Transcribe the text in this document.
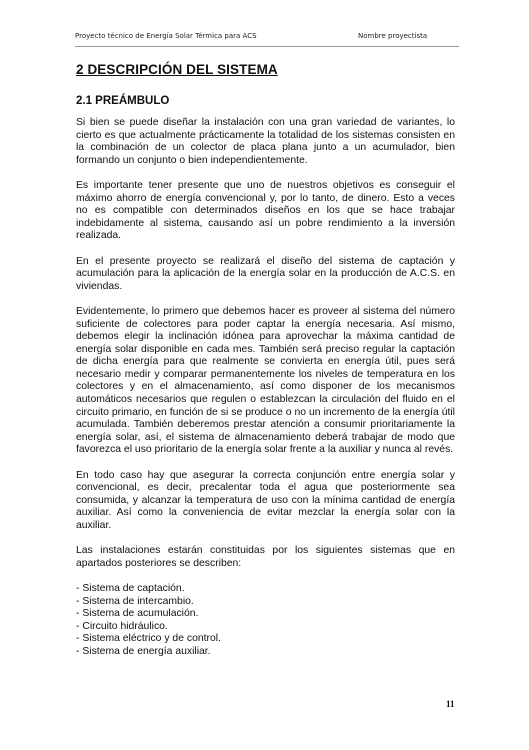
Proyecto técnico de Energía Solar Térmica para ACS	Nombre proyectista
2 DESCRIPCIÓN DEL SISTEMA
2.1 PREÁMBULO

Si bien se puede diseñar la instalación con una gran variedad de variantes, lo cierto es que actualmente prácticamente la totalidad de los sistemas consisten en la combinación de un colector de placa plana junto a un acumulador, bien formando un conjunto o bien independientemente.

Es importante tener presente que uno de nuestros objetivos es conseguir el máximo ahorro de energía convencional y, por lo tanto, de dinero. Esto a veces no es compatible con determinados diseños en los que se hace trabajar indebidamente al sistema, causando así un pobre rendimiento a la inversión realizada.

En el presente proyecto se realizará el diseño del sistema de captación y acumulación para la aplicación de la energía solar en la producción de A.C.S. en viviendas.

Evidentemente, lo primero que debemos hacer es proveer al sistema del número suficiente de colectores para poder captar la energía necesaria. Así mismo, debemos elegir la inclinación idónea para aprovechar la máxima cantidad de energía solar disponible en cada mes. También será preciso regular la captación de dicha energía para que realmente se convierta en energía útil, pues será necesario medir y comparar permanentemente los niveles de temperatura en los colectores y en el almacenamiento, así como disponer de los mecanismos automáticos necesarios que regulen o establezcan la circulación del fluido en el circuito primario, en función de si se produce o no un incremento de la energía útil acumulada. También deberemos prestar atención a consumir prioritariamente la energía solar, así, el sistema de almacenamiento deberá trabajar de modo que favorezca el uso prioritario de la energía solar frente a la auxiliar y nunca al revés.

En todo caso hay que asegurar la correcta conjunción entre energía solar y convencional, es decir, precalentar toda el agua que posteriormente sea consumida, y alcanzar la temperatura de uso con la mínima cantidad de energía auxiliar. Así como la conveniencia de evitar mezclar la energía solar con la auxiliar.

Las instalaciones estarán constituidas por los siguientes sistemas que en apartados posteriores se describen:

- Sistema de captación.
- Sistema de intercambio.
- Sistema de acumulación.
- Circuito hidráulico.
- Sistema eléctrico y de control.
- Sistema de energía auxiliar.
11
